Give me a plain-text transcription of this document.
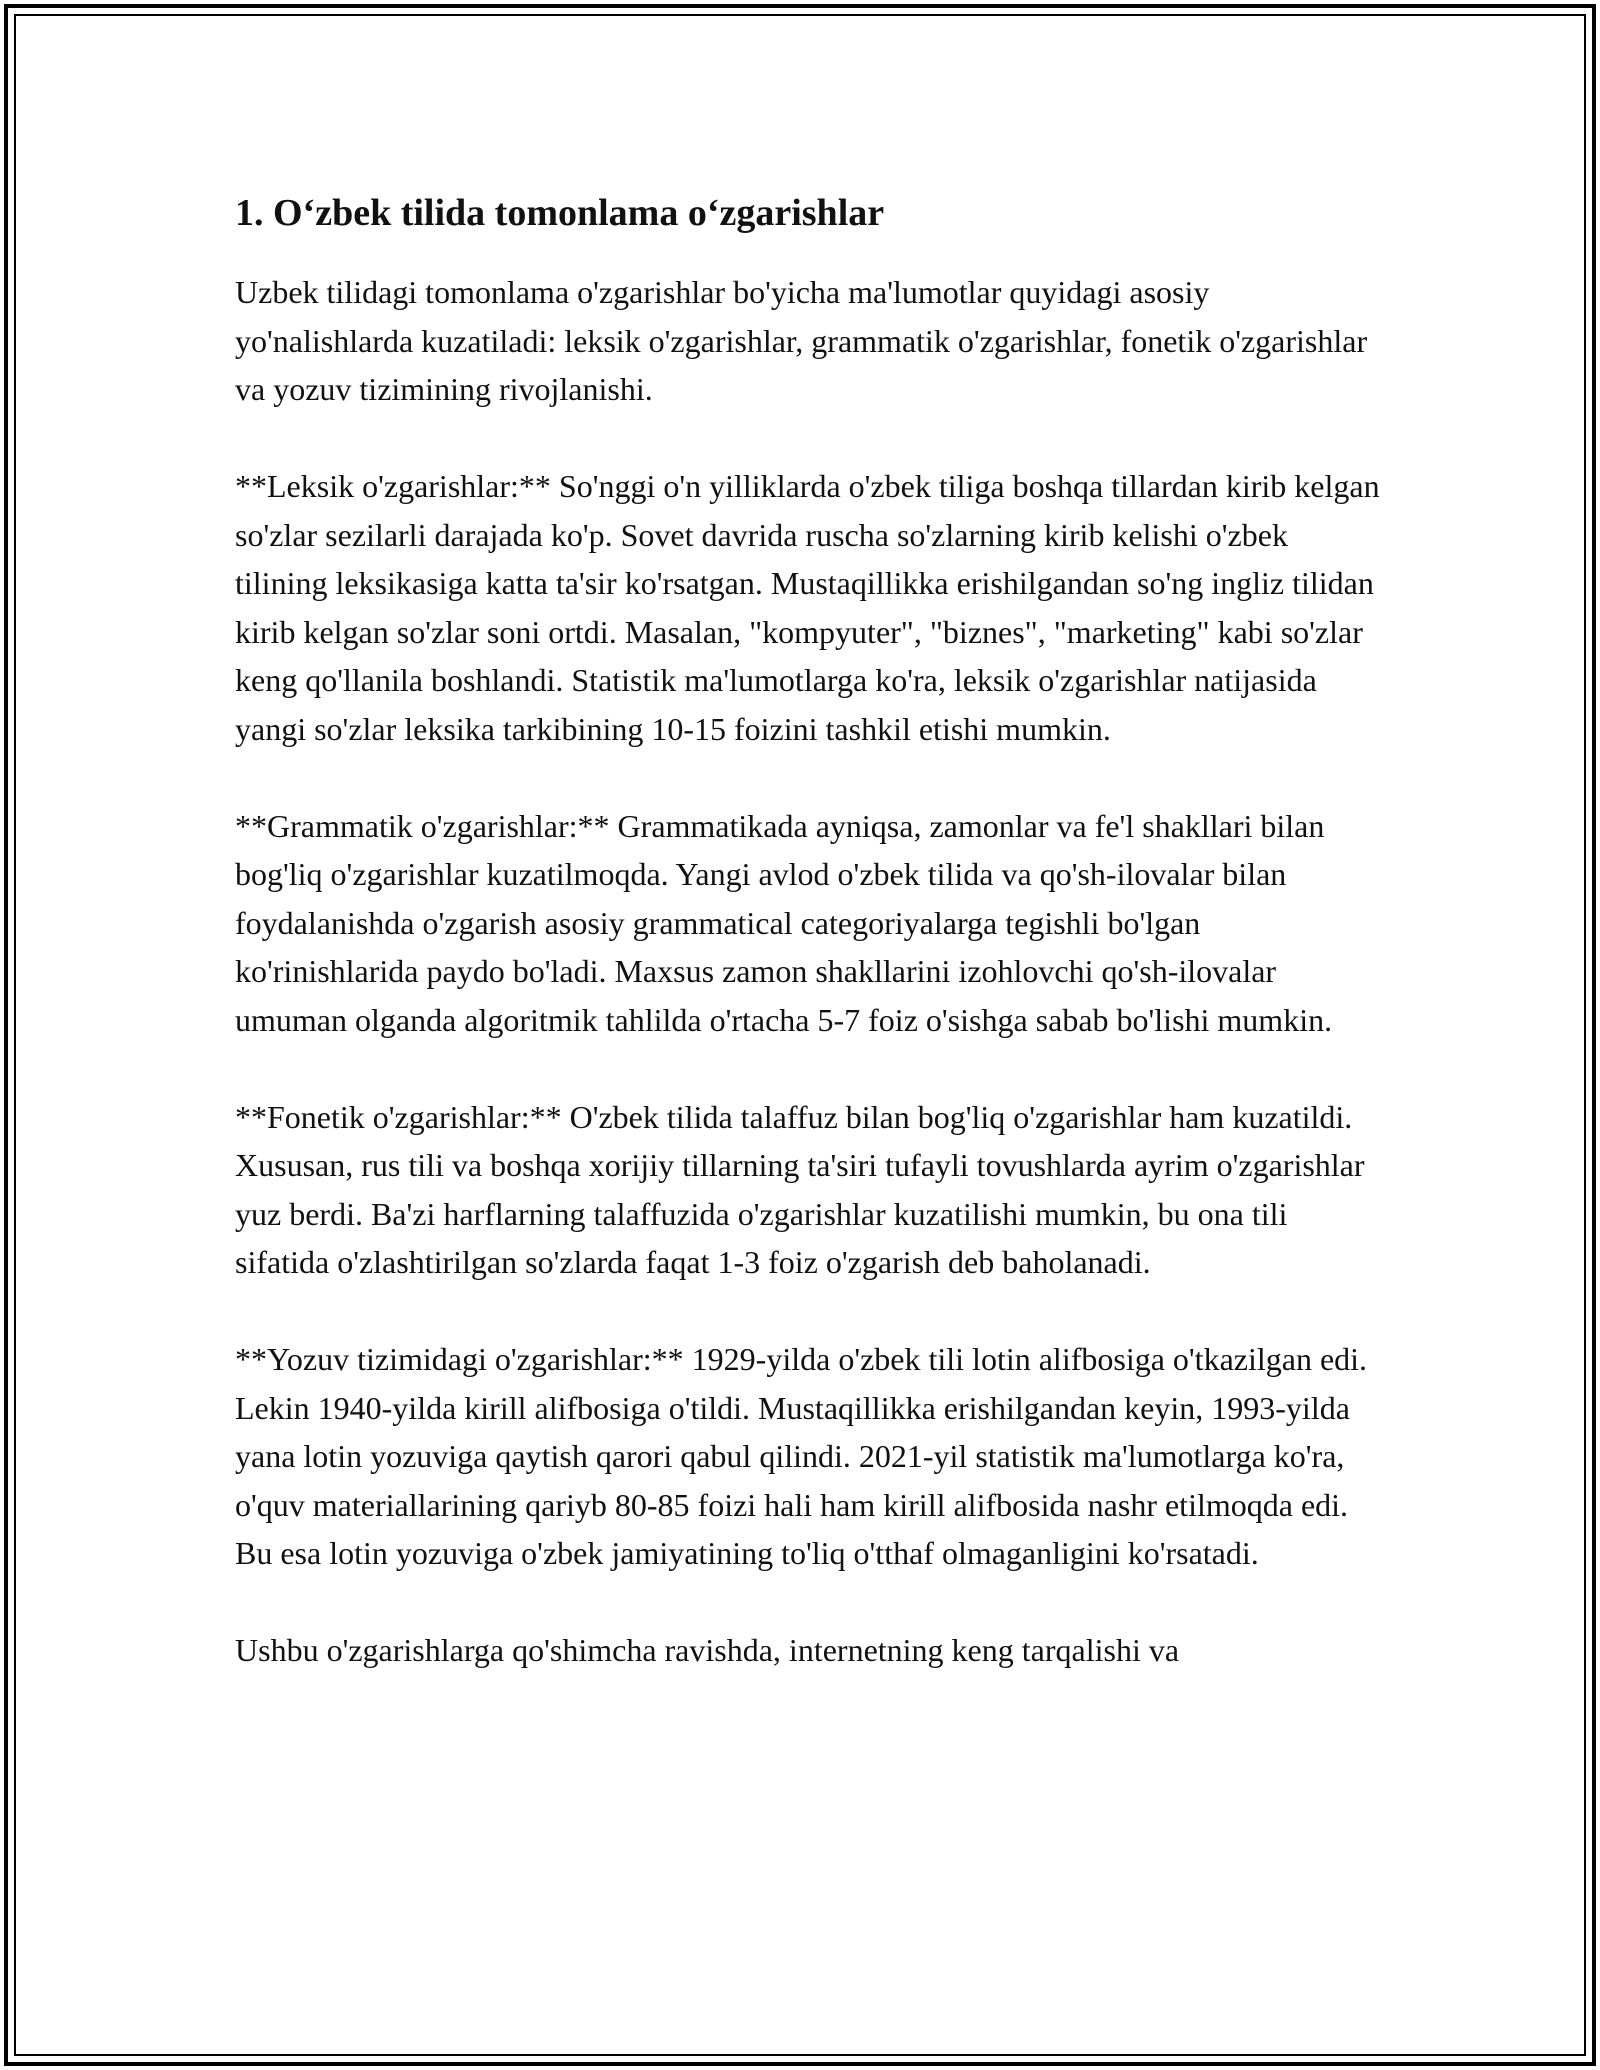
1. O‘zbek tilida tomonlama o‘zgarishlar

Uzbek tilidagi tomonlama o'zgarishlar bo'yicha ma'lumotlar quyidagi asosiy yo'nalishlarda kuzatiladi: leksik o'zgarishlar, grammatik o'zgarishlar, fonetik o'zgarishlar va yozuv tizimining rivojlanishi.

**Leksik o'zgarishlar:** So'nggi o'n yilliklarda o'zbek tiliga boshqa tillardan kirib kelgan so'zlar sezilarli darajada ko'p. Sovet davrida ruscha so'zlarning kirib kelishi o'zbek tilining leksikasiga katta ta'sir ko'rsatgan. Mustaqillikka erishilgandan so'ng ingliz tilidan kirib kelgan so'zlar soni ortdi. Masalan, "kompyuter", "biznes", "marketing" kabi so'zlar keng qo'llanila boshlandi. Statistik ma'lumotlarga ko'ra, leksik o'zgarishlar natijasida yangi so'zlar leksika tarkibining 10-15 foizini tashkil etishi mumkin.

**Grammatik o'zgarishlar:** Grammatikada ayniqsa, zamonlar va fe'l shakllari bilan bog'liq o'zgarishlar kuzatilmoqda. Yangi avlod o'zbek tilida va qo'sh-ilovalar bilan foydalanishda o'zgarish asosiy grammatical categoriyalarga tegishli bo'lgan ko'rinishlarida paydo bo'ladi. Maxsus zamon shakllarini izohlovchi qo'sh-ilovalar umuman olganda algoritmik tahlilda o'rtacha 5-7 foiz o'sishga sabab bo'lishi mumkin.

**Fonetik o'zgarishlar:** O'zbek tilida talaffuz bilan bog'liq o'zgarishlar ham kuzatildi. Xususan, rus tili va boshqa xorijiy tillarning ta'siri tufayli tovushlarda ayrim o'zgarishlar yuz berdi. Ba'zi harflarning talaffuzida o'zgarishlar kuzatilishi mumkin, bu ona tili sifatida o'zlashtirilgan so'zlarda faqat 1-3 foiz o'zgarish deb baholanadi.

**Yozuv tizimidagi o'zgarishlar:** 1929-yilda o'zbek tili lotin alifbosiga o'tkazilgan edi. Lekin 1940-yilda kirill alifbosiga o'tildi. Mustaqillikka erishilgandan keyin, 1993-yilda yana lotin yozuviga qaytish qarori qabul qilindi. 2021-yil statistik ma'lumotlarga ko'ra, o'quv materiallarining qariyb 80-85 foizi hali ham kirill alifbosida nashr etilmoqda edi. Bu esa lotin yozuviga o'zbek jamiyatining to'liq o'tthaf olmaganligini ko'rsatadi.

Ushbu o'zgarishlarga qo'shimcha ravishda, internetning keng tarqalishi va
